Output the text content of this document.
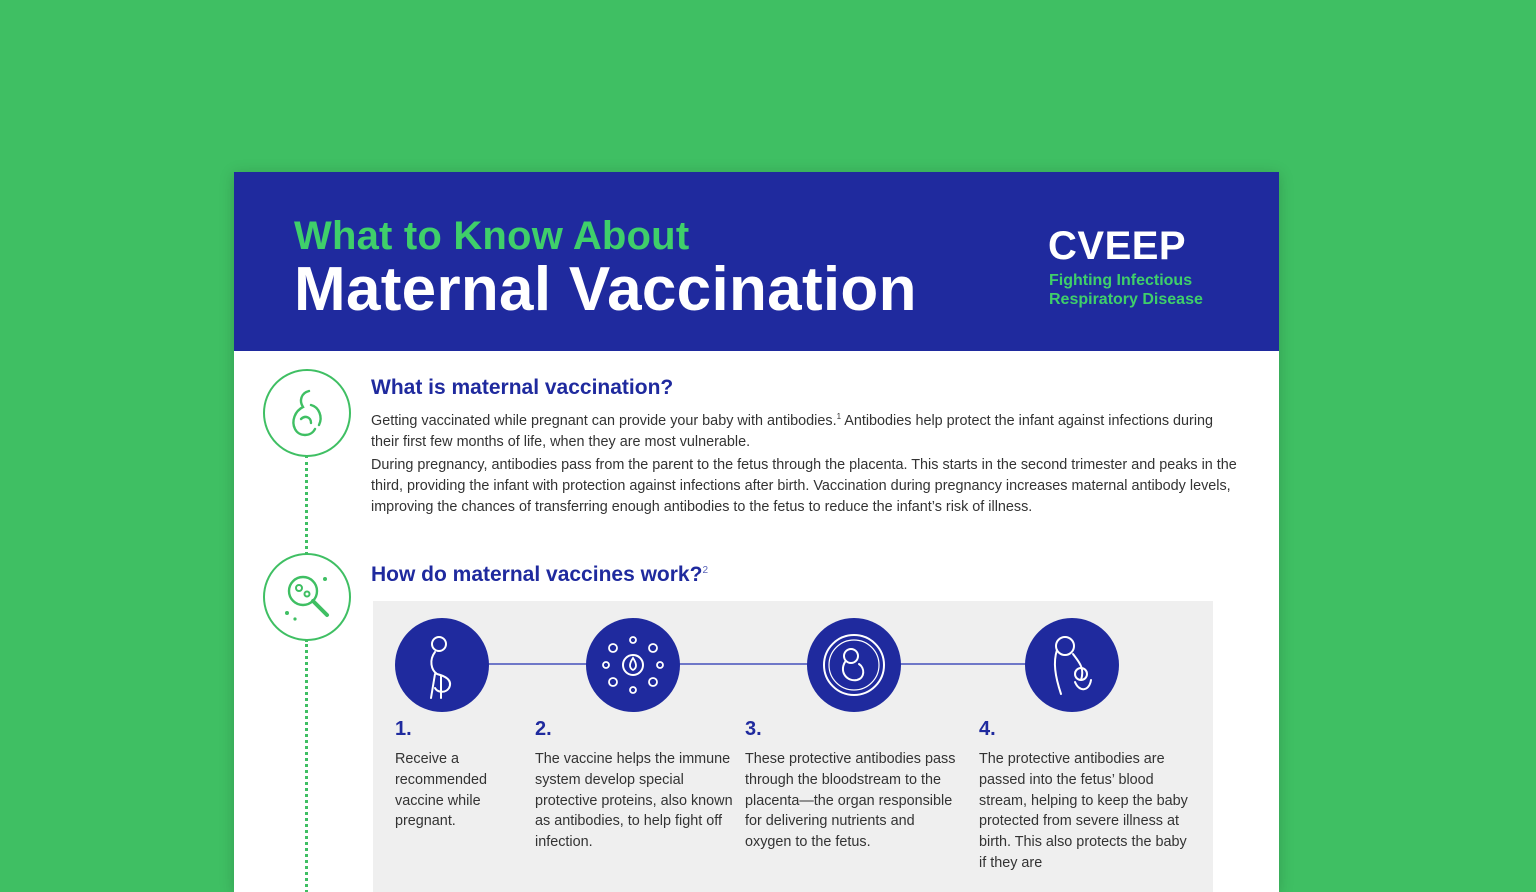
What to Know About
Maternal Vaccination
CVEEP
Fighting Infectious
Respiratory Disease
What is maternal vaccination?
Getting vaccinated while pregnant can provide your baby with antibodies.$^1$ Antibodies help protect the infant against infections during their first few months of life, when they are most vulnerable.
During pregnancy, antibodies pass from the parent to the fetus through the placenta. This starts in the second trimester and peaks in the third, providing the infant with protection against infections after birth. Vaccination during pregnancy increases maternal antibody levels, improving the chances of transferring enough antibodies to the fetus to reduce the infant’s risk of illness.
How do maternal vaccines work?$^2$
1.	2.	3.	4.
Receive a recommended vaccine while pregnant.
The vaccine helps the immune system develop special protective proteins, also known as antibodies, to help fight off infection.
These protective antibodies pass through the bloodstream to the placenta—the organ responsible for delivering nutrients and oxygen to the fetus.
The protective antibodies are passed into the fetus’ blood stream, helping to keep the baby protected from severe illness at birth. This also protects the baby if they are
